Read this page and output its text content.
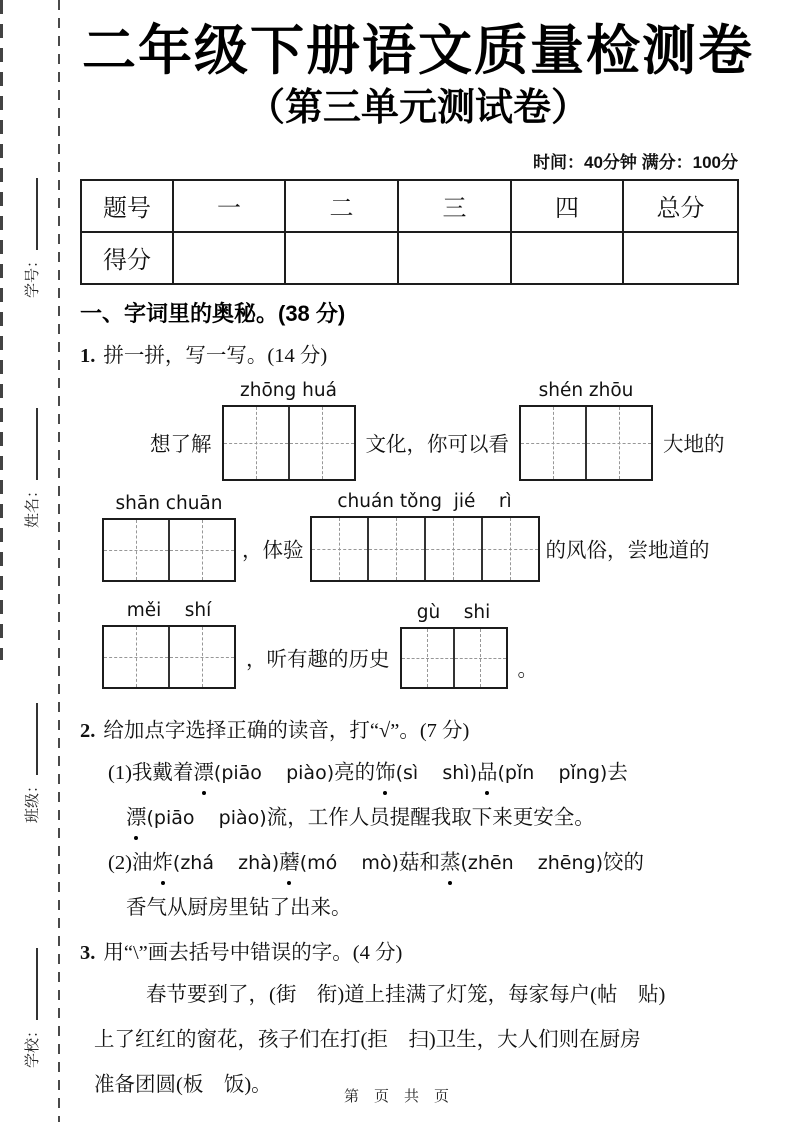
学号：
姓名：
班级：
学校：
二年级下册语文质量检测卷
（第三单元测试卷）
时间：40分钟 满分：100分
题号	一	二	三	四	总分
得分					
一、字词里的奥秘。(38 分)
1. 拼一拼，写一写。(14 分)
想了解
zhōng huá
文化，你可以看
shén zhōu
大地的
shān chuān
，体验
chuán tǒng  jié    rì
的风俗，尝地道的
měi    shí
，听有趣的历史
gù    shi
。
2. 给加点字选择正确的读音，打“√”。(7 分)
(1)我戴着漂(piāo    piào)亮的饰(sì    shì)品(pǐn    pǐng)去
漂(piāo    piào)流，工作人员提醒我取下来更安全。
(2)油炸(zhá    zhà)蘑(mó    mò)菇和蒸(zhēn    zhēng)饺的
香气从厨房里钻了出来。
3. 用“\”画去括号中错误的字。(4 分)
春节要到了，(街　衔)道上挂满了灯笼，每家每户(帖　贴)
上了红红的窗花，孩子们在打(拒　扫)卫生，大人们则在厨房
准备团圆(板　饭)。
第　页　共　页
